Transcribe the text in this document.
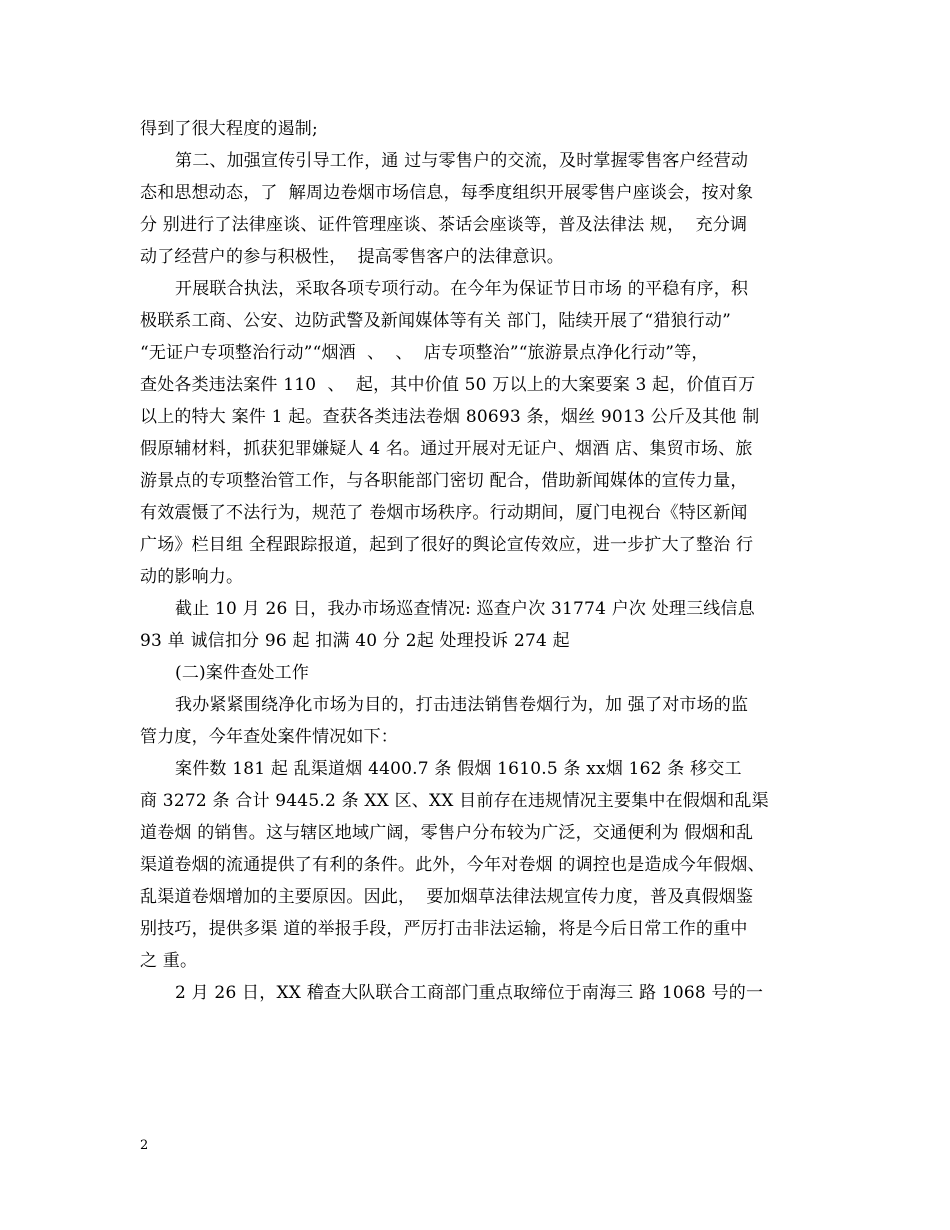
得到了很大程度的遏制;
第二、加强宣传引导工作，通 过与零售户的交流，及时掌握零售客户经营动
态和思想动态，了  解周边卷烟市场信息，每季度组织开展零售户座谈会，按对象
分 别进行了法律座谈、证件管理座谈、茶话会座谈等，普及法律法 规，  充分调
动了经营户的参与积极性，  提高零售客户的法律意识。
开展联合执法，采取各项专项行动。在今年为保证节日市场 的平稳有序，积
极联系工商、公安、边防武警及新闻媒体等有关 部门，陆续开展了“猎狼行动”
“无证户专项整治行动”“烟酒  、  、  店专项整治”“旅游景点净化行动”等，
查处各类违法案件 110  、  起，其中价值 50 万以上的大案要案 3 起，价值百万
以上的特大 案件 1 起。查获各类违法卷烟 80693 条，烟丝 9013 公斤及其他 制
假原辅材料，抓获犯罪嫌疑人 4 名。通过开展对无证户、烟酒 店、集贸市场、旅
游景点的专项整治管工作，与各职能部门密切 配合，借助新闻媒体的宣传力量，
有效震慑了不法行为，规范了 卷烟市场秩序。行动期间，厦门电视台《特区新闻
广场》栏目组 全程跟踪报道，起到了很好的舆论宣传效应，进一步扩大了整治 行
动的影响力。
截止 10 月 26 日，我办市场巡查情况: 巡查户次 31774 户次 处理三线信息
93 单 诚信扣分 96 起 扣满 40 分 2起 处理投诉 274 起
(二)案件查处工作
我办紧紧围绕净化市场为目的，打击违法销售卷烟行为，加 强了对市场的监
管力度，今年查处案件情况如下：
案件数 181 起 乱渠道烟 4400.7 条 假烟 1610.5 条 xx烟 162 条 移交工
商 3272 条 合计 9445.2 条 XX 区、XX 目前存在违规情况主要集中在假烟和乱渠
道卷烟 的销售。这与辖区地域广阔，零售户分布较为广泛，交通便利为 假烟和乱
渠道卷烟的流通提供了有利的条件。此外，今年对卷烟 的调控也是造成今年假烟、
乱渠道卷烟增加的主要原因。因此，  要加烟草法律法规宣传力度，普及真假烟鉴
别技巧，提供多渠 道的举报手段，严厉打击非法运输，将是今后日常工作的重中
之 重。
2 月 26 日，XX 稽查大队联合工商部门重点取缔位于南海三 路 1068 号的一
2
